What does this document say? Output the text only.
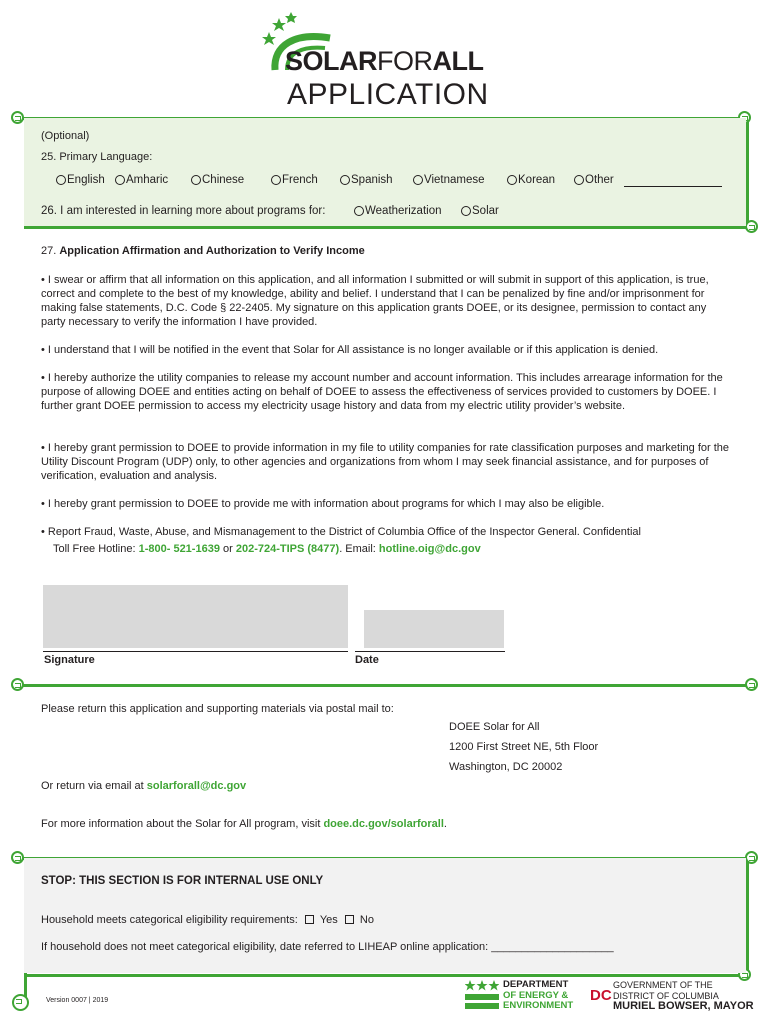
SOLARFORALL
APPLICATION
(Optional)
25. Primary Language:
English	Amharic	Chinese	French	Spanish	Vietnamese	Korean	Other
26. I am interested in learning more about programs for:	Weatherization	Solar
27. Application Affirmation and Authorization to Verify Income
• I swear or affirm that all information on this application, and all information I submitted or will submit in support of this application, is true, correct and complete to the best of my knowledge, ability and belief. I understand that I can be penalized by fine and/or imprisonment for making false statements, D.C. Code § 22-2405. My signature on this application grants DOEE, or its designee, permission to contact any party necessary to verify the information I have provided.
• I understand that I will be notified in the event that Solar for All assistance is no longer available or if this application is denied.
• I hereby authorize the utility companies to release my account number and account information. This includes arrearage information for the purpose of allowing DOEE and entities acting on behalf of DOEE to assess the effectiveness of services provided to customers by DOEE. I further grant DOEE permission to access my electricity usage history and data from my electric utility provider’s website.
• I hereby grant permission to DOEE to provide information in my file to utility companies for rate classification purposes and marketing for the Utility Discount Program (UDP) only, to other agencies and organizations from whom I may seek financial assistance, and for purposes of verification, evaluation and analysis.
• I hereby grant permission to DOEE to provide me with information about programs for which I may also be eligible.
• Report Fraud, Waste, Abuse, and Mismanagement to the District of Columbia Office of the Inspector General. Confidential
Toll Free Hotline: 1-800- 521-1639 or 202-724-TIPS (8477). Email: hotline.oig@dc.gov
Signature	Date
Please return this application and supporting materials via postal mail to:
DOEE Solar for All
1200 First Street NE, 5th Floor
Washington, DC 20002
Or return via email at solarforall@dc.gov
For more information about the Solar for All program, visit doee.dc.gov/solarforall.
STOP: THIS SECTION IS FOR INTERNAL USE ONLY
Household meets categorical eligibility requirements: Yes No
If household does not meet categorical eligibility, date referred to LIHEAP online application: ____________________
Version 0007 | 2019
DEPARTMENT
OF ENERGY &
ENVIRONMENT
DC
GOVERNMENT OF THE
DISTRICT OF COLUMBIA
MURIEL BOWSER, MAYOR
